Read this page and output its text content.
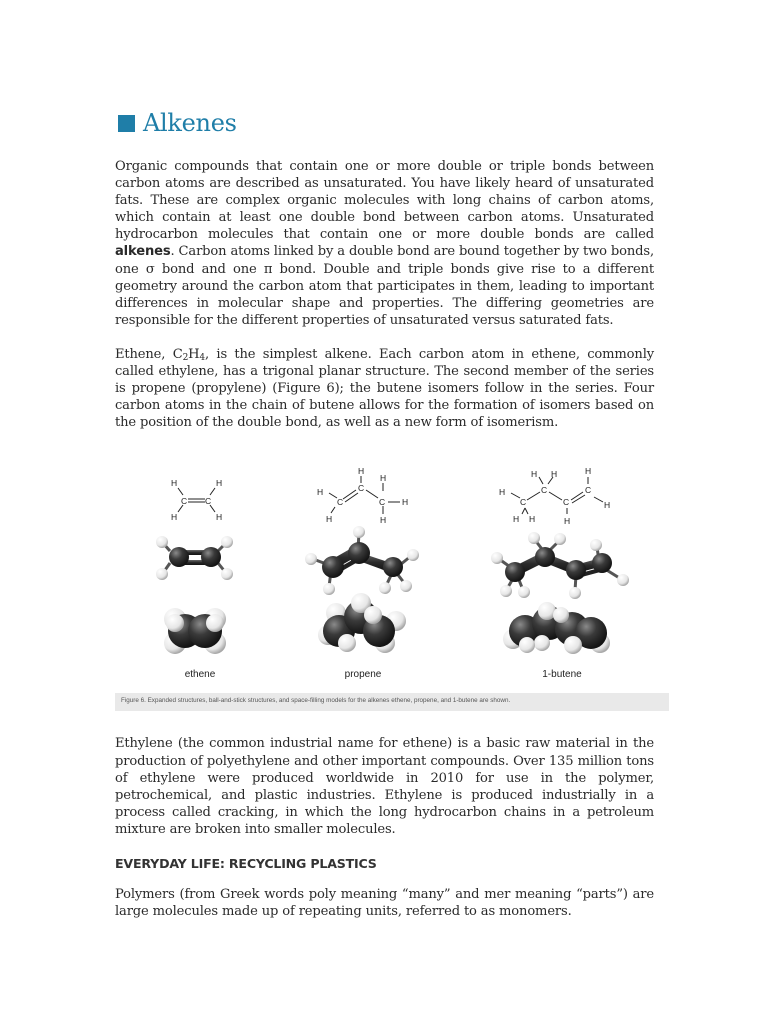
Alkenes

Organic compounds that contain one or more double or triple bonds between carbon atoms are described as unsaturated. You have likely heard of unsaturated fats. These are complex organic molecules with long chains of carbon atoms, which contain at least one double bond between carbon atoms. Unsaturated hydrocarbon molecules that contain one or more double bonds are called alkenes. Carbon atoms linked by a double bond are bound together by two bonds, one σ bond and one π bond. Double and triple bonds give rise to a different geometry around the carbon atom that participates in them, leading to important differences in molecular shape and properties. The differing geometries are responsible for the different properties of unsaturated versus saturated fats.

Ethene, $C_2H_4$, is the simplest alkene. Each carbon atom in ethene, commonly called ethylene, has a trigonal planar structure. The second member of the series is propene (propylene) (Figure 6); the butene isomers follow in the series. Four carbon atoms in the chain of butene allows for the formation of isomers based on the position of the double bond, as well as a new form of isomerism.

C C
H	H
H	H
C
C
C
H
H
H
H	H
H	C
C
C
C
H
H H
H H
H
H
H
ethene	propene	1-butene
Figure 6. Expanded structures, ball-and-stick structures, and space-filling models for the alkenes ethene, propene, and 1-butene are shown.

Ethylene (the common industrial name for ethene) is a basic raw material in the production of polyethylene and other important compounds. Over 135 million tons of ethylene were produced worldwide in 2010 for use in the polymer, petrochemical, and plastic industries. Ethylene is produced industrially in a process called cracking, in which the long hydrocarbon chains in a petroleum mixture are broken into smaller molecules.

EVERYDAY LIFE: RECYCLING PLASTICS

Polymers (from Greek words poly meaning “many” and mer meaning “parts”) are large molecules made up of repeating units, referred to as monomers.
